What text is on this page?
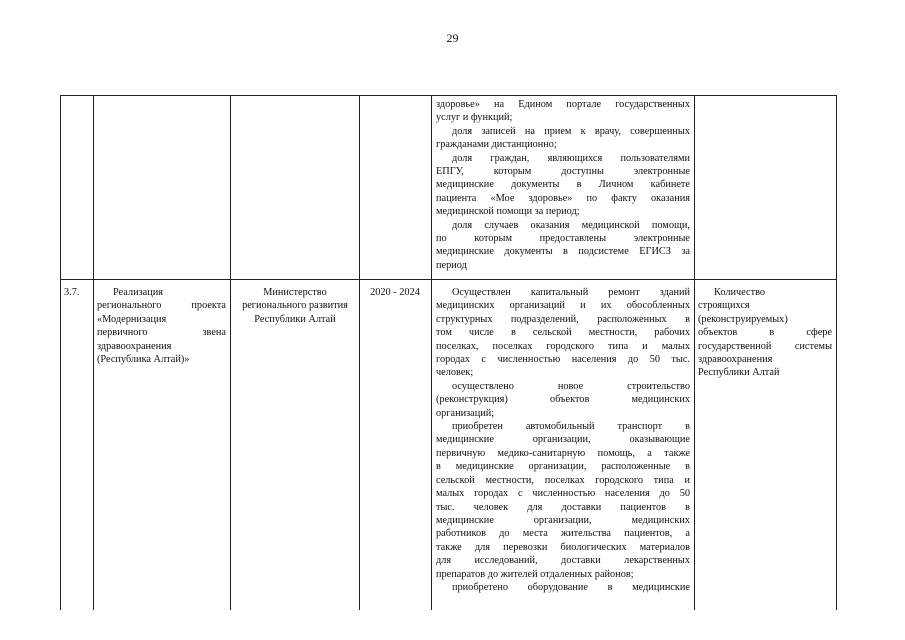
29
здоровье» на Едином портале государственных
услуг и функций;
доля записей на прием к врачу, совершенных
гражданами дистанционно;
доля граждан, являющихся пользователями
ЕПГУ, которым доступны электронные
медицинские документы в Личном кабинете
пациента «Мое здоровье» по факту оказания
медицинской помощи за период;
доля случаев оказания медицинской помощи,
по которым предоставлены электронные
медицинские документы в подсистеме ЕГИСЗ за
период
3.7.	Реализация
регионального проекта
«Модернизация
первичного звена
здравоохранения
(Республика Алтай)»
Министерство
регионального развития
Республики Алтай
2020 - 2024	Осуществлен капитальный ремонт зданий
медицинских организаций и их обособленных
структурных подразделений, расположенных в
том числе в сельской местности, рабочих
поселках, поселках городского типа и малых
городах с численностью населения до 50 тыс.
человек;
осуществлено новое строительство
(реконструкция) объектов медицинских
организаций;
приобретен автомобильный транспорт в
медицинские организации, оказывающие
первичную медико-санитарную помощь, а также
в медицинские организации, расположенные в
сельской местности, поселках городского типа и
малых городах с численностью населения до 50
тыс. человек для доставки пациентов в
медицинские организации, медицинских
работников до места жительства пациентов, а
также для перевозки биологических материалов
для исследований, доставки лекарственных
препаратов до жителей отдаленных районов;
приобретено оборудование в медицинские
Количество
строящихся
(реконструируемых)
объектов в сфере
государственной системы
здравоохранения
Республики Алтай
